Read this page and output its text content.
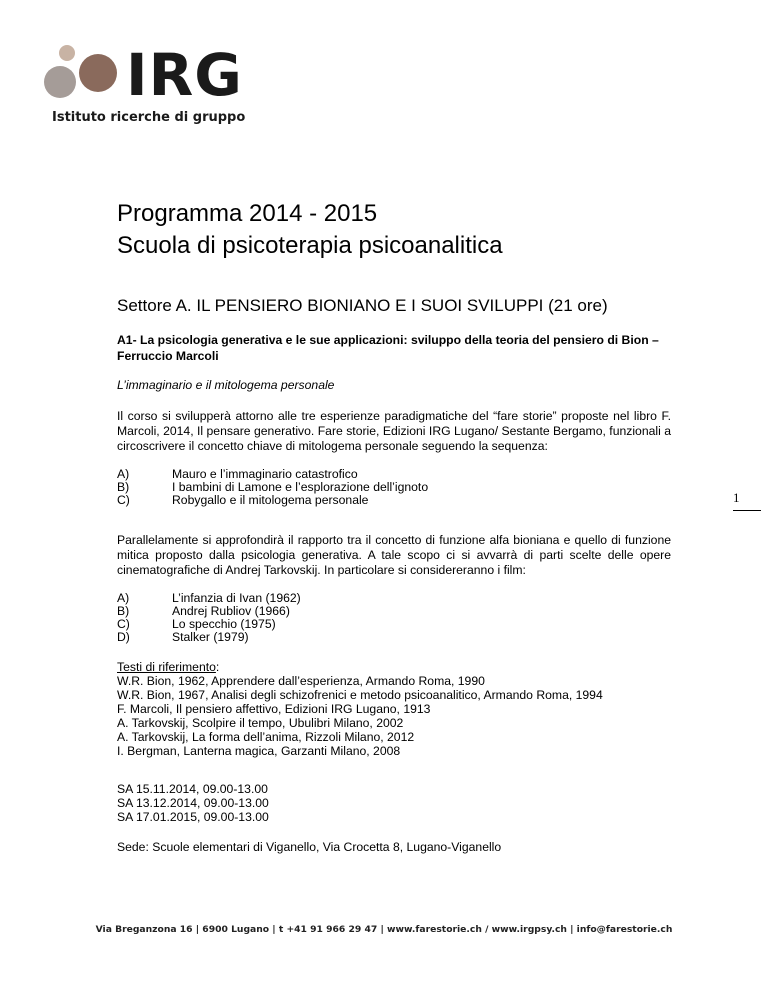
IRG
Istituto ricerche di gruppo
1
Programma 2014 - 2015
Scuola di psicoterapia psicoanalitica
Settore A. IL PENSIERO BIONIANO E I SUOI SVILUPPI (21 ore)
A1- La psicologia generativa e le sue applicazioni: sviluppo della teoria del pensiero di Bion – Ferruccio Marcoli
L’immaginario e il mitologema personale
Il corso si svilupperà attorno alle tre esperienze paradigmatiche del “fare storie” proposte nel libro F. Marcoli, 2014, Il pensare generativo. Fare storie, Edizioni IRG Lugano/ Sestante Bergamo, funzionali a circoscrivere il concetto chiave di mitologema personale seguendo la sequenza:
A)	Mauro e l’immaginario catastrofico
B)	I bambini di Lamone e l’esplorazione dell’ignoto
C)	Robygallo e il mitologema personale
Parallelamente si approfondirà il rapporto tra il concetto di funzione alfa bioniana e quello di funzione mitica proposto dalla psicologia generativa. A tale scopo ci si avvarrà di parti scelte delle opere cinematografiche di Andrej Tarkovskij. In particolare si considereranno i film:
A)	L’infanzia di Ivan (1962)
B)	Andrej Rubliov (1966)
C)	Lo specchio (1975)
D)	Stalker (1979)
Testi di riferimento:
W.R. Bion, 1962, Apprendere dall’esperienza, Armando Roma, 1990
W.R. Bion, 1967, Analisi degli schizofrenici e metodo psicoanalitico, Armando Roma, 1994
F. Marcoli, Il pensiero affettivo, Edizioni IRG Lugano, 1913
A. Tarkovskij, Scolpire il tempo, Ubulibri Milano, 2002
A. Tarkovskij, La forma dell’anima, Rizzoli Milano, 2012
I. Bergman, Lanterna magica, Garzanti Milano, 2008
SA 15.11.2014, 09.00-13.00
SA 13.12.2014, 09.00-13.00
SA 17.01.2015, 09.00-13.00
Sede: Scuole elementari di Viganello, Via Crocetta 8, Lugano-Viganello
Via Breganzona 16 | 6900 Lugano | t +41 91 966 29 47 | www.farestorie.ch / www.irgpsy.ch | info@farestorie.ch
